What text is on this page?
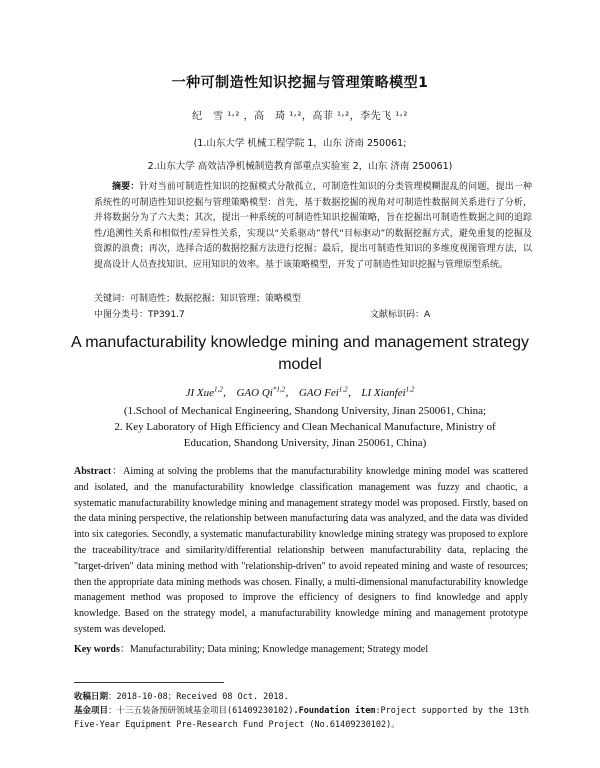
一种可制造性知识挖掘与管理策略模型1
纪　雪 ¹˒² ，高　琦 ¹˒²，高菲 ¹˒²，李先飞 ¹˒²
(1.山东大学 机械工程学院 1，山东 济南 250061;
2.山东大学 高效洁净机械制造教育部重点实验室 2，山东 济南 250061)

摘要：针对当前可制造性知识的挖掘模式分散孤立，可制造性知识的分类管理模糊混乱的问题，提出一种系统性的可制造性知识挖掘与管理策略模型：首先，基于数据挖掘的视角对可制造性数据间关系进行了分析，并将数据分为了六大类；其次，提出一种系统的可制造性知识挖掘策略，旨在挖掘出可制造性数据之间的追踪性/追溯性关系和相似性/差异性关系，实现以“关系驱动”替代“目标驱动”的数据挖掘方式，避免重复的挖掘及资源的浪费；再次，选择合适的数据挖掘方法进行挖掘；最后，提出可制造性知识的多维度视图管理方法，以提高设计人员查找知识、应用知识的效率。基于该策略模型，开发了可制造性知识挖掘与管理原型系统。

关键词：可制造性；数据挖掘；知识管理；策略模型
中图分类号：TP391.7	文献标识码：A
A manufacturability knowledge mining and management strategy model
JI Xue$^{1,2}$， GAO Qi$^{*1,2}$， GAO Fei$^{1,2}$， LI Xianfei$^{1,2}$
(1.School of Mechanical Engineering, Shandong University, Jinan 250061, China;
2. Key Laboratory of High Efficiency and Clean Mechanical Manufacture, Ministry of Education, Shandong University, Jinan 250061, China)

Abstract：Aiming at solving the problems that the manufacturability knowledge mining model was scattered and isolated, and the manufacturability knowledge classification management was fuzzy and chaotic, a systematic manufacturability knowledge mining and management strategy model was proposed. Firstly, based on the data mining perspective, the relationship between manufacturing data was analyzed, and the data was divided into six categories. Secondly, a systematic manufacturability knowledge mining strategy was proposed to explore the traceability/trace and similarity/differential relationship between manufacturability data, replacing the "target-driven" data mining method with "relationship-driven" to avoid repeated mining and waste of resources; then the appropriate data mining methods was chosen. Finally, a multi-dimensional manufacturability knowledge management method was proposed to improve the efficiency of designers to find knowledge and apply knowledge. Based on the strategy model, a manufacturability knowledge mining and management prototype system was developed.

Key words：Manufacturability; Data mining; Knowledge management; Strategy model
收稿日期：2018-10-08；Received 08 Oct. 2018.

基金项目：十三五装备预研领域基金项目(61409230102).Foundation item:Project supported by the 13th Five-Year Equipment Pre-Research Fund Project (No.61409230102)。
